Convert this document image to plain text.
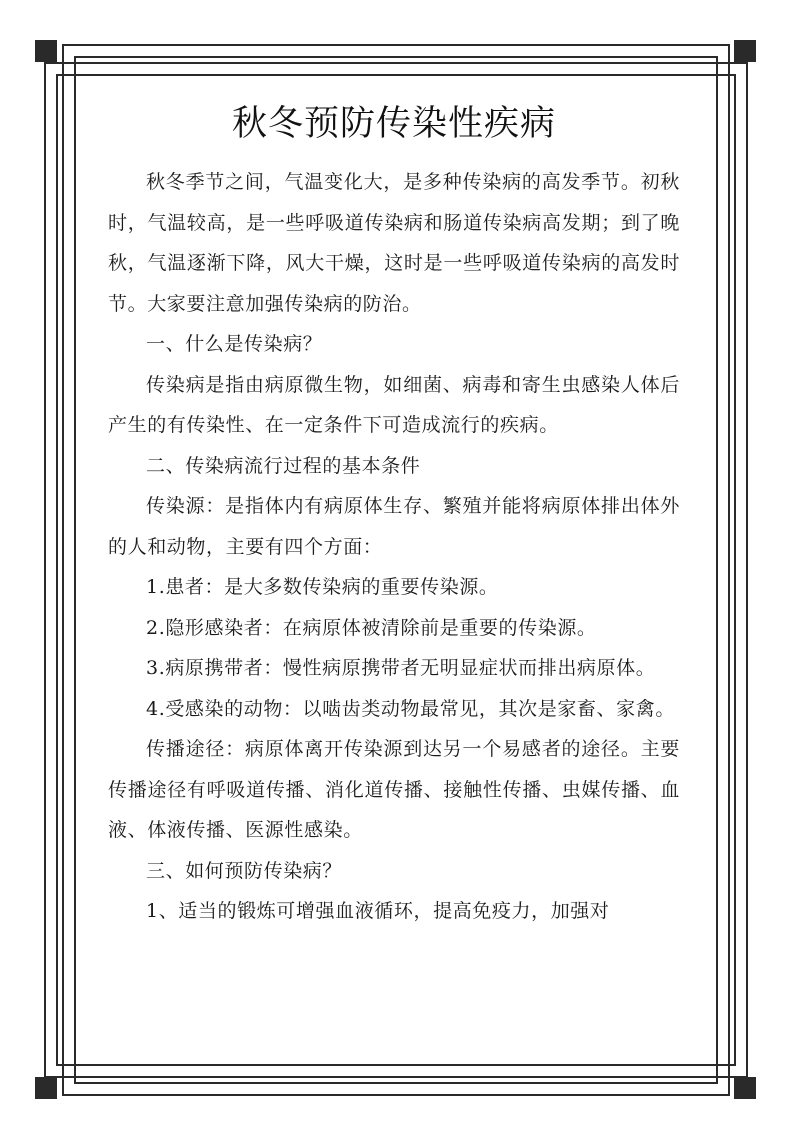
秋冬预防传染性疾病

秋冬季节之间，气温变化大，是多种传染病的高发季节。初秋时，气温较高，是一些呼吸道传染病和肠道传染病高发期；到了晚秋，气温逐渐下降，风大干燥，这时是一些呼吸道传染病的高发时节。大家要注意加强传染病的防治。

一、什么是传染病？

传染病是指由病原微生物，如细菌、病毒和寄生虫感染人体后产生的有传染性、在一定条件下可造成流行的疾病。

二、传染病流行过程的基本条件

传染源：是指体内有病原体生存、繁殖并能将病原体排出体外的人和动物，主要有四个方面：

1.患者：是大多数传染病的重要传染源。

2.隐形感染者：在病原体被清除前是重要的传染源。

3.病原携带者：慢性病原携带者无明显症状而排出病原体。

4.受感染的动物：以啮齿类动物最常见，其次是家畜、家禽。

传播途径：病原体离开传染源到达另一个易感者的途径。主要传播途径有呼吸道传播、消化道传播、接触性传播、虫媒传播、血液、体液传播、医源性感染。

三、如何预防传染病？

1、适当的锻炼可增强血液循环，提高免疫力，加强对
